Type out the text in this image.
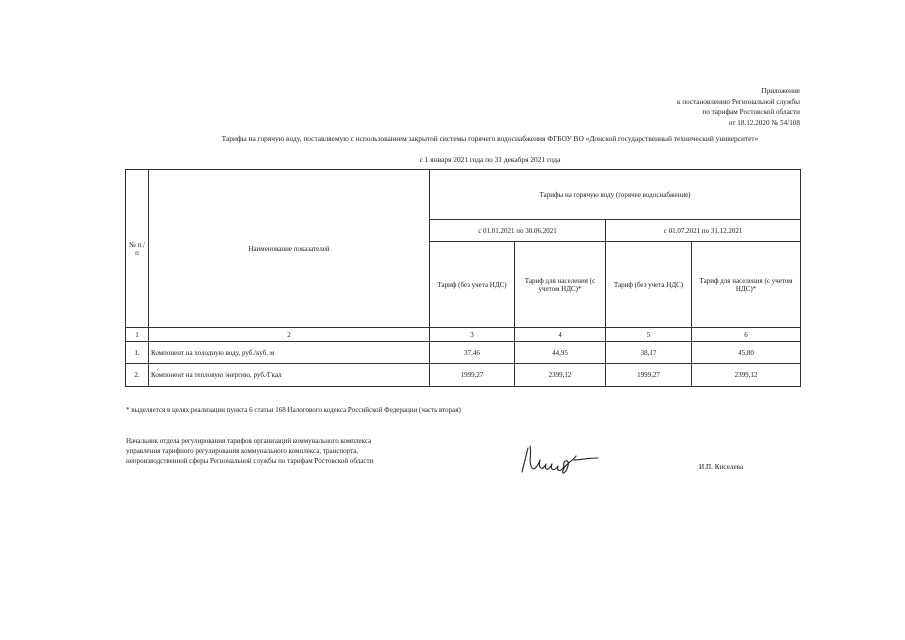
Приложение
к постановлению Региональной службы
по тарифам Ростовской области
от 18.12.2020 № 54/108
Тарифы на горячую воду, поставляемую с использованием закрытой системы горячего водоснабжения ФГБОУ ВО «Донской государственный технический университет»
с 1 января 2021 года по 31 декабря 2021 года
№ п /п	Наименование показателей	Тарифы на горячую воду (горячее водоснабжение)			
		с 01.01.2021 по 30.06.2021		с 01.07.2021 по 31.12.2021	
		Тариф (без учета НДС)	Тариф для населения (с учетом НДС)*	Тариф (без учета НДС)	Тариф для населения (с учетом НДС)*
1	2	3	4	5	6
1.	Компонент на холодную воду, руб./куб. м	37,46	44,95	38,17	45,80
2.	Компонент на тепловую энергию, руб./Гкал	1999,27	2399,12	1999,27	2399,12
* выделяется в целях реализации пункта 6 статьи 168 Налогового кодекса Российской Федерации (часть вторая)
Начальник отдела регулирования тарифов организаций коммунального комплекса
управления тарифного регулирования коммунального комплекса, транспорта,
непроизводственной сферы Региональной службы по тарифам Ростовской области
И.П. Киселева
